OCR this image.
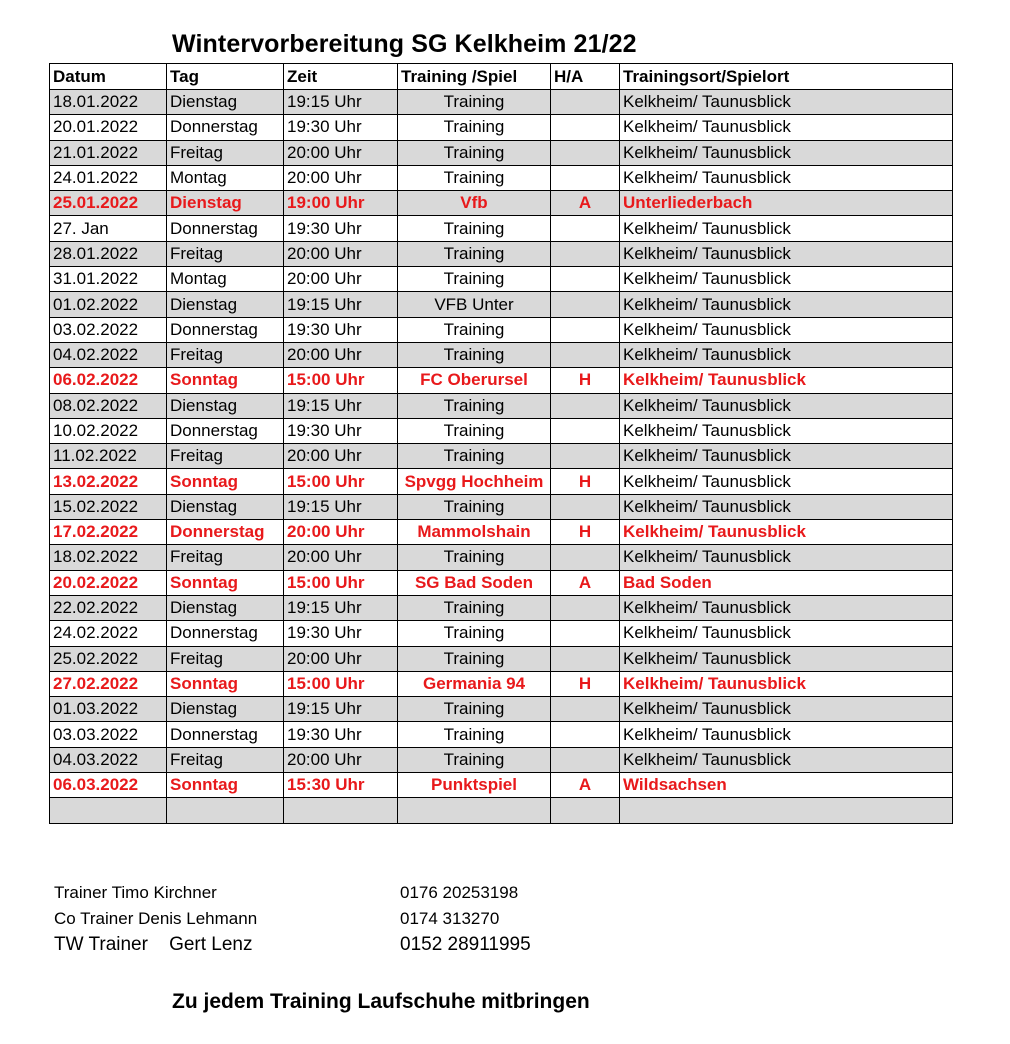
Wintervorbereitung SG Kelkheim 21/22
Datum	Tag	Zeit	Training /Spiel	H/A	Trainingsort/Spielort
18.01.2022	Dienstag	19:15 Uhr	Training		Kelkheim/ Taunusblick
20.01.2022	Donnerstag	19:30 Uhr	Training		Kelkheim/ Taunusblick
21.01.2022	Freitag	20:00 Uhr	Training		Kelkheim/ Taunusblick
24.01.2022	Montag	20:00 Uhr	Training		Kelkheim/ Taunusblick
25.01.2022	Dienstag	19:00 Uhr	Vfb	A	Unterliederbach
27. Jan	Donnerstag	19:30 Uhr	Training		Kelkheim/ Taunusblick
28.01.2022	Freitag	20:00 Uhr	Training		Kelkheim/ Taunusblick
31.01.2022	Montag	20:00 Uhr	Training		Kelkheim/ Taunusblick
01.02.2022	Dienstag	19:15 Uhr	VFB Unter		Kelkheim/ Taunusblick
03.02.2022	Donnerstag	19:30 Uhr	Training		Kelkheim/ Taunusblick
04.02.2022	Freitag	20:00 Uhr	Training		Kelkheim/ Taunusblick
06.02.2022	Sonntag	15:00 Uhr	FC Oberursel	H	Kelkheim/ Taunusblick
08.02.2022	Dienstag	19:15 Uhr	Training		Kelkheim/ Taunusblick
10.02.2022	Donnerstag	19:30 Uhr	Training		Kelkheim/ Taunusblick
11.02.2022	Freitag	20:00 Uhr	Training		Kelkheim/ Taunusblick
13.02.2022	Sonntag	15:00 Uhr	Spvgg Hochheim	H	Kelkheim/ Taunusblick
15.02.2022	Dienstag	19:15 Uhr	Training		Kelkheim/ Taunusblick
17.02.2022	Donnerstag	20:00 Uhr	Mammolshain	H	Kelkheim/ Taunusblick
18.02.2022	Freitag	20:00 Uhr	Training		Kelkheim/ Taunusblick
20.02.2022	Sonntag	15:00 Uhr	SG Bad Soden	A	Bad Soden
22.02.2022	Dienstag	19:15 Uhr	Training		Kelkheim/ Taunusblick
24.02.2022	Donnerstag	19:30 Uhr	Training		Kelkheim/ Taunusblick
25.02.2022	Freitag	20:00 Uhr	Training		Kelkheim/ Taunusblick
27.02.2022	Sonntag	15:00 Uhr	Germania 94	H	Kelkheim/ Taunusblick
01.03.2022	Dienstag	19:15 Uhr	Training		Kelkheim/ Taunusblick
03.03.2022	Donnerstag	19:30 Uhr	Training		Kelkheim/ Taunusblick
04.03.2022	Freitag	20:00 Uhr	Training		Kelkheim/ Taunusblick
06.03.2022	Sonntag	15:30 Uhr	Punktspiel	A	Wildsachsen

Trainer Timo Kirchner	0176 20253198
Co Trainer Denis Lehmann	0174 313270
TW Trainer    Gert Lenz	0152 28911995
Zu jedem Training Laufschuhe mitbringen
